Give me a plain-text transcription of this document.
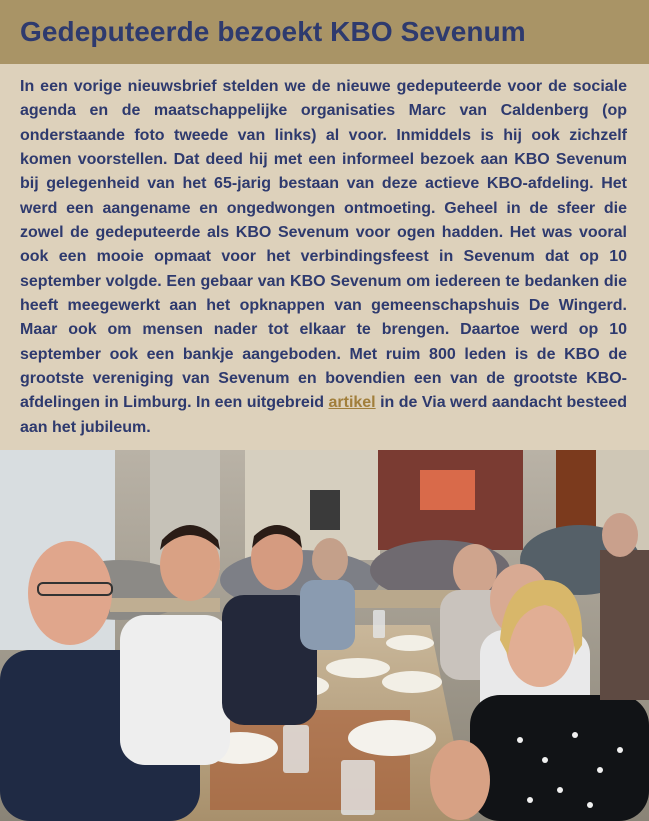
Gedeputeerde bezoekt KBO Sevenum

In een vorige nieuwsbrief stelden we de nieuwe gedeputeerde voor de sociale agenda en de maatschappelijke organisaties Marc van Caldenberg (op onderstaande foto tweede van links) al voor. Inmiddels is hij ook zichzelf komen voorstellen. Dat deed hij met een informeel bezoek aan KBO Sevenum bij gelegenheid van het 65-jarig bestaan van deze actieve KBO-afdeling. Het werd een aangename en ongedwongen ontmoeting. Geheel in de sfeer die zowel de gedeputeerde als KBO Sevenum voor ogen hadden. Het was vooral ook een mooie opmaat voor het verbindingsfeest in Sevenum dat op 10 september volgde. Een gebaar van KBO Sevenum om iedereen te bedanken die heeft meegewerkt aan het opknappen van gemeenschapshuis De Wingerd. Maar ook om mensen nader tot elkaar te brengen. Daartoe werd op 10 september ook een bankje aangeboden. Met ruim 800 leden is de KBO de grootste vereniging van Sevenum en bovendien een van de grootste KBO-afdelingen in Limburg. In een uitgebreid artikel in de Via werd aandacht besteed aan het jubileum.
